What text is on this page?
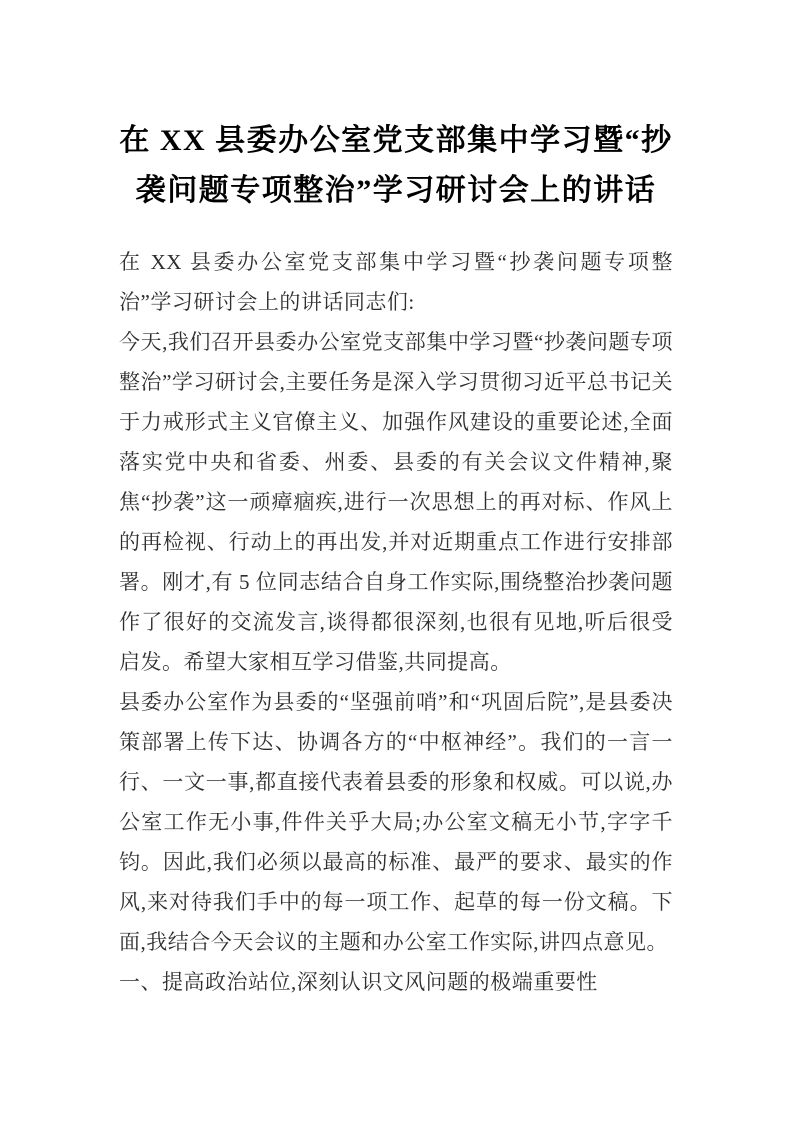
在 XX 县委办公室党支部集中学习暨“抄袭问题专项整治”学习研讨会上的讲话

在 XX 县委办公室党支部集中学习暨“抄袭问题专项整治”学习研讨会上的讲话同志们:

今天,我们召开县委办公室党支部集中学习暨“抄袭问题专项整治”学习研讨会,主要任务是深入学习贯彻习近平总书记关于力戒形式主义官僚主义、加强作风建设的重要论述,全面落实党中央和省委、州委、县委的有关会议文件精神,聚焦“抄袭”这一顽瘴痼疾,进行一次思想上的再对标、作风上的再检视、行动上的再出发,并对近期重点工作进行安排部署。刚才,有 5 位同志结合自身工作实际,围绕整治抄袭问题作了很好的交流发言,谈得都很深刻,也很有见地,听后很受启发。希望大家相互学习借鉴,共同提高。

县委办公室作为县委的“坚强前哨”和“巩固后院”,是县委决策部署上传下达、协调各方的“中枢神经”。我们的一言一行、一文一事,都直接代表着县委的形象和权威。可以说,办公室工作无小事,件件关乎大局;办公室文稿无小节,字字千钧。因此,我们必须以最高的标准、最严的要求、最实的作风,来对待我们手中的每一项工作、起草的每一份文稿。下面,我结合今天会议的主题和办公室工作实际,讲四点意见。

一、提高政治站位,深刻认识文风问题的极端重要性
